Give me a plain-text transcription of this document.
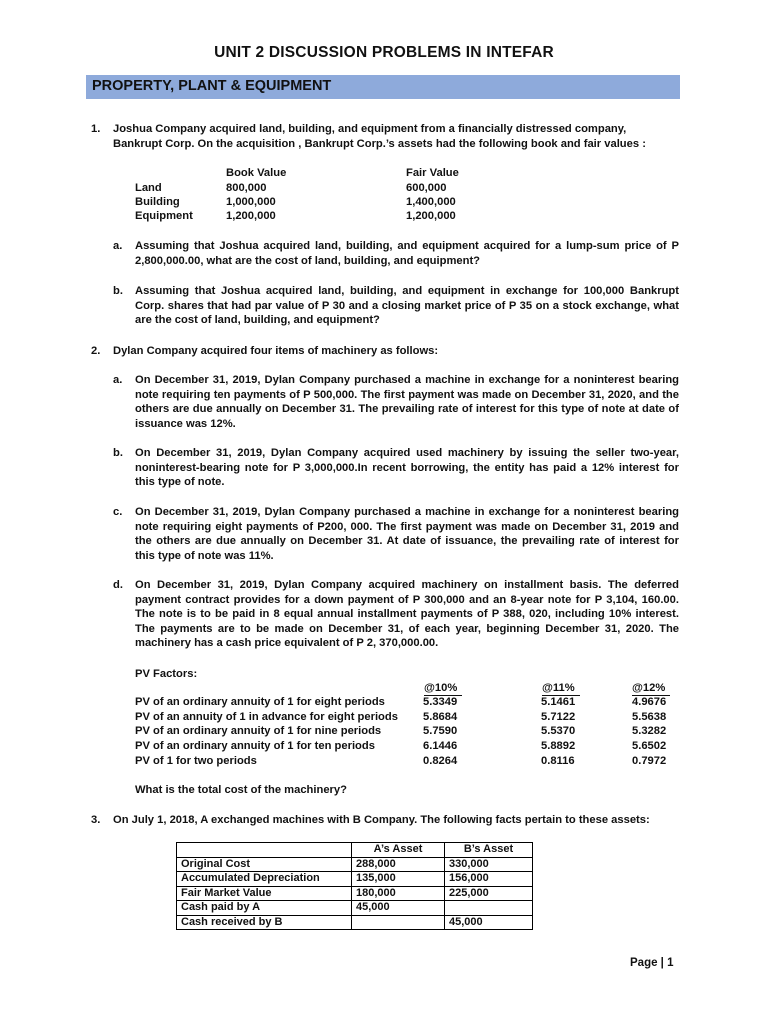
UNIT 2 DISCUSSION PROBLEMS IN INTEFAR
PROPERTY, PLANT & EQUIPMENT
1. Joshua Company acquired land, building, and equipment from a financially distressed company, Bankrupt Corp. On the acquisition , Bankrupt Corp.’s assets had the following book and fair values :
Book Value	Fair Value
Land	800,000	600,000
Building	1,000,000	1,400,000
Equipment	1,200,000	1,200,000
a. Assuming that Joshua acquired land, building, and equipment acquired for a lump-sum price of P 2,800,000.00, what are the cost of land, building, and equipment?
b. Assuming that Joshua acquired land, building, and equipment in exchange for 100,000 Bankrupt Corp. shares that had par value of P 30 and a closing market price of P 35 on a stock exchange, what are the cost of land, building, and equipment?
2. Dylan Company acquired four items of machinery as follows:
a. On December 31, 2019, Dylan Company purchased a machine in exchange for a noninterest bearing note requiring ten payments of P 500,000. The first payment was made on December 31, 2020, and the others are due annually on December 31. The prevailing rate of interest for this type of note at date of issuance was 12%.
b. On December 31, 2019, Dylan Company acquired used machinery by issuing the seller two-year, noninterest-bearing note for P 3,000,000.In recent borrowing, the entity has paid a 12% interest for this type of note.
c. On December 31, 2019, Dylan Company purchased a machine in exchange for a noninterest bearing note requiring eight payments of P200, 000. The first payment was made on December 31, 2019 and the others are due annually on December 31. At date of issuance, the prevailing rate of interest for this type of note was 11%.
d. On December 31, 2019, Dylan Company acquired machinery on installment basis. The deferred payment contract provides for a down payment of P 300,000 and an 8-year note for P 3,104, 160.00. The note is to be paid in 8 equal annual installment payments of P 388, 020, including 10% interest. The payments are to be made on December 31, of each year, beginning December 31, 2020. The machinery has a cash price equivalent of P 2, 370,000.00.
PV Factors:
@10%	@11%	@12%
PV of an ordinary annuity of 1 for eight periods	5.3349	5.1461	4.9676
PV of an annuity of 1 in advance for eight periods 5.8684	5.7122	5.5638
PV of an ordinary annuity of 1 for nine periods	5.7590	5.5370	5.3282
PV of an ordinary annuity of 1 for ten periods	6.1446	5.8892	5.6502
PV of 1 for two periods	0.8264	0.8116	0.7972
What is the total cost of the machinery?
3. On July 1, 2018, A exchanged machines with B Company. The following facts pertain to these assets:
	A’s Asset	B’s Asset
Original Cost	288,000	330,000
Accumulated Depreciation	135,000	156,000
Fair Market Value	180,000	225,000
Cash paid by A	45,000	
Cash received by B		45,000
Page | 1
